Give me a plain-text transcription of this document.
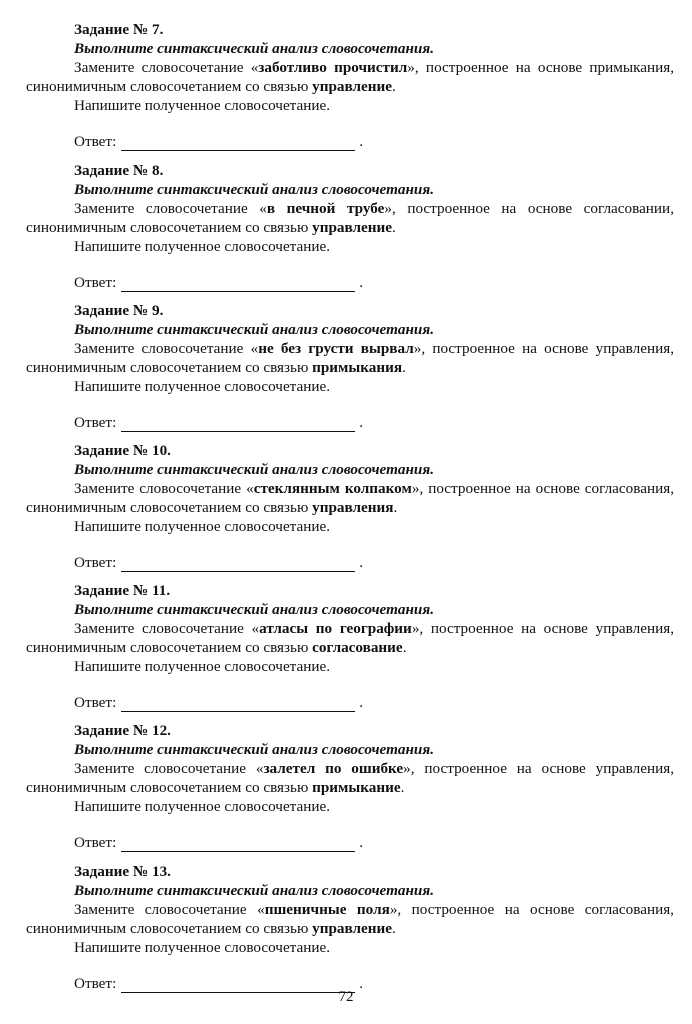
Задание № 7.
Выполните синтаксический анализ словосочетания.
Замените словосочетание «заботливо прочистил», построенное на основе примыкания, синонимичным словосочетанием со связью управление.
Напишите полученное словосочетание.
Ответ:	.
Задание № 8.
Выполните синтаксический анализ словосочетания.
Замените словосочетание «в печной трубе», построенное на основе согласовании, синонимичным словосочетанием со связью управление.
Напишите полученное словосочетание.
Ответ:	.
Задание № 9.
Выполните синтаксический анализ словосочетания.
Замените словосочетание «не без грусти вырвал», построенное на основе управления, синонимичным словосочетанием со связью примыкания.
Напишите полученное словосочетание.
Ответ:	.
Задание № 10.
Выполните синтаксический анализ словосочетания.
Замените словосочетание «стеклянным колпаком», построенное на основе согласования, синонимичным словосочетанием со связью управления.
Напишите полученное словосочетание.
Ответ:	.
Задание № 11.
Выполните синтаксический анализ словосочетания.
Замените словосочетание «атласы по географии», построенное на основе управления, синонимичным словосочетанием со связью согласование.
Напишите полученное словосочетание.
Ответ:	.
Задание № 12.
Выполните синтаксический анализ словосочетания.
Замените словосочетание «залетел по ошибке», построенное на основе управления, синонимичным словосочетанием со связью примыкание.
Напишите полученное словосочетание.
Ответ:	.
Задание № 13.
Выполните синтаксический анализ словосочетания.
Замените словосочетание «пшеничные поля», построенное на основе согласования, синонимичным словосочетанием со связью управление.
Напишите полученное словосочетание.
Ответ:	.
72
